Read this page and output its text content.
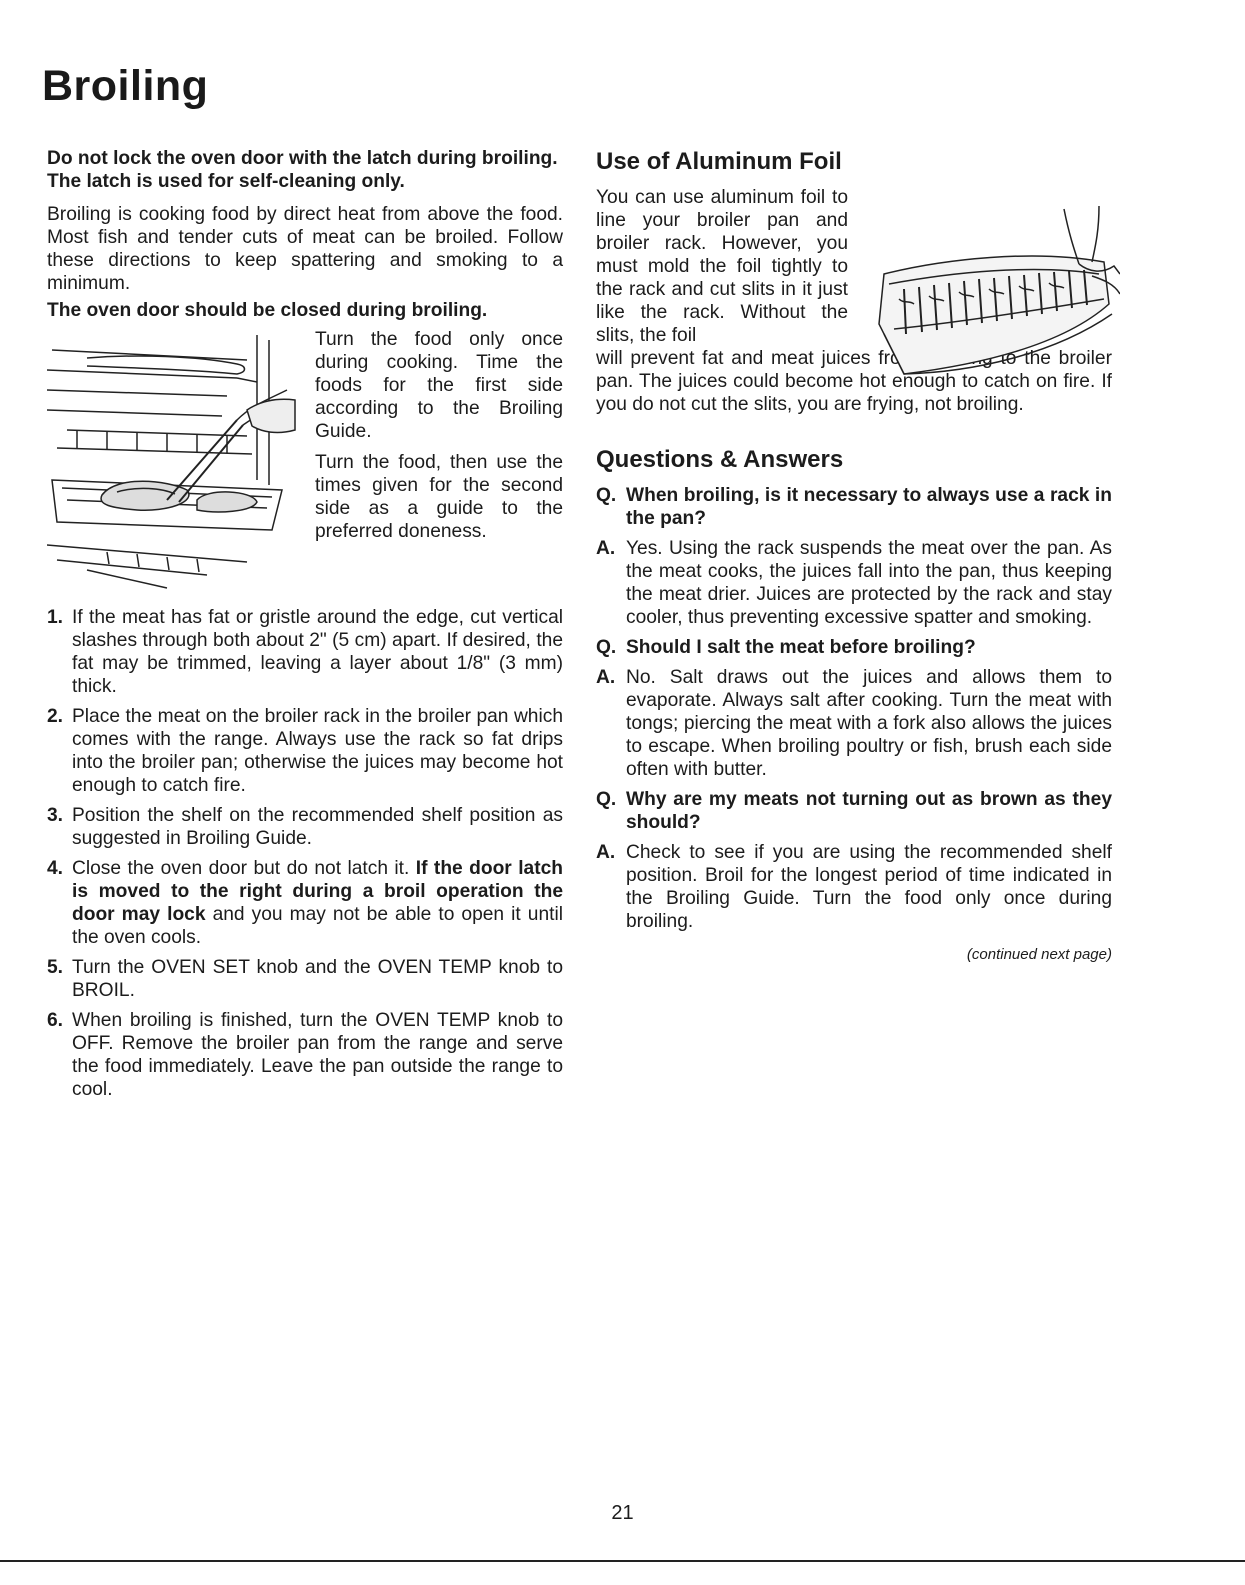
Broiling

Do not lock the oven door with the latch during broiling. The latch is used for self-cleaning only.

Broiling is cooking food by direct heat from above the food. Most fish and tender cuts of meat can be broiled. Follow these directions to keep spattering and smoking to a minimum.

The oven door should be closed during broiling.

Turn the food only once during cooking. Time the foods for the first side according to the Broiling Guide.

Turn the food, then use the times given for the second side as a guide to the preferred doneness.

1. If the meat has fat or gristle around the edge, cut vertical slashes through both about 2" (5 cm) apart. If desired, the fat may be trimmed, leaving a layer about 1/8" (3 mm) thick.
2. Place the meat on the broiler rack in the broiler pan which comes with the range. Always use the rack so fat drips into the broiler pan; otherwise the juices may become hot enough to catch fire.
3. Position the shelf on the recommended shelf position as suggested in Broiling Guide.
4. Close the oven door but do not latch it. If the door latch is moved to the right during a broil operation the door may lock and you may not be able to open it until the oven cools.
5. Turn the OVEN SET knob and the OVEN TEMP knob to BROIL.
6. When broiling is finished, turn the OVEN TEMP knob to OFF. Remove the broiler pan from the range and serve the food immediately. Leave the pan outside the range to cool.
Use of Aluminum Foil

You can use aluminum foil to line your broiler pan and broiler rack. However, you must mold the foil tightly to the rack and cut slits in it just like the rack. Without the slits, the foil
will prevent fat and meat juices from draining to the broiler pan. The juices could become hot enough to catch on fire. If you do not cut the slits, you are frying, not broiling.

Questions & Answers
Q. When broiling, is it necessary to always use a rack in the pan?
A. Yes. Using the rack suspends the meat over the pan. As the meat cooks, the juices fall into the pan, thus keeping the meat drier. Juices are protected by the rack and stay cooler, thus preventing excessive spatter and smoking.
Q. Should I salt the meat before broiling?
A. No. Salt draws out the juices and allows them to evaporate. Always salt after cooking. Turn the meat with tongs; piercing the meat with a fork also allows the juices to escape. When broiling poultry or fish, brush each side often with butter.
Q. Why are my meats not turning out as brown as they should?
A. Check to see if you are using the recommended shelf position. Broil for the longest period of time indicated in the Broiling Guide. Turn the food only once during broiling.

(continued next page)

21
